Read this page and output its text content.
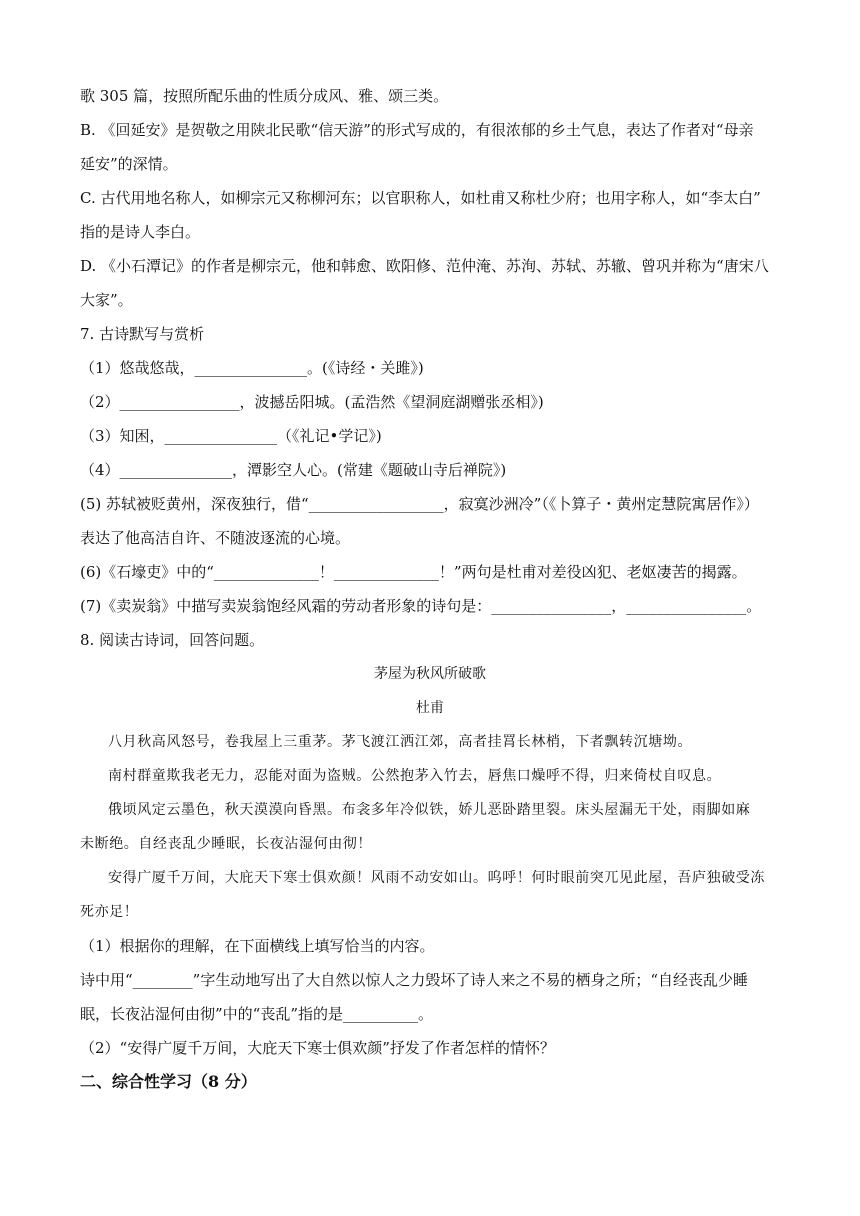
歌 305 篇，按照所配乐曲的性质分成风、雅、颂三类。
B. 《回延安》是贺敬之用陕北民歌“信天游”的形式写成的，有很浓郁的乡土气息，表达了作者对“母亲
延安”的深情。
C. 古代用地名称人，如柳宗元又称柳河东；以官职称人，如杜甫又称杜少府；也用字称人，如“李太白”
指的是诗人李白。
D. 《小石潭记》的作者是柳宗元，他和韩愈、欧阳修、范仲淹、苏洵、苏轼、苏辙、曾巩并称为“唐宋八
大家”。
7. 古诗默写与赏析
（1）悠哉悠哉，_______________。(《诗经・关雎》)
（2）________________，波撼岳阳城。(孟浩然《望洞庭湖赠张丞相》)
（3）知困，_______________（《礼记•学记》)
（4）_______________，潭影空人心。(常建《题破山寺后禅院》)
(5) 苏轼被贬黄州，深夜独行，借“__________________，寂寞沙洲冷”（《卜算子・黄州定慧院寓居作》）
表达了他高洁自许、不随波逐流的心境。
(6)《石壕吏》中的“______________！______________！”两句是杜甫对差役凶犯、老妪凄苦的揭露。
(7)《卖炭翁》中描写卖炭翁饱经风霜的劳动者形象的诗句是：________________，________________。
8. 阅读古诗词，回答问题。
茅屋为秋风所破歌
杜甫
八月秋高风怒号，卷我屋上三重茅。茅飞渡江洒江郊，高者挂罥长林梢，下者飘转沉塘坳。
南村群童欺我老无力，忍能对面为盗贼。公然抱茅入竹去，唇焦口燥呼不得，归来倚杖自叹息。
俄顷风定云墨色，秋天漠漠向昏黑。布衾多年冷似铁，娇儿恶卧踏里裂。床头屋漏无干处，雨脚如麻
未断绝。自经丧乱少睡眠，长夜沾湿何由彻！
安得广厦千万间，大庇天下寒士俱欢颜！风雨不动安如山。呜呼！何时眼前突兀见此屋，吾庐独破受冻
死亦足！
（1）根据你的理解，在下面横线上填写恰当的内容。
诗中用“________”字生动地写出了大自然以惊人之力毁坏了诗人来之不易的栖身之所；“自经丧乱少睡
眠，长夜沾湿何由彻”中的“丧乱”指的是__________。
（2）“安得广厦千万间，大庇天下寒士俱欢颜”抒发了作者怎样的情怀？
二、综合性学习（8 分）
